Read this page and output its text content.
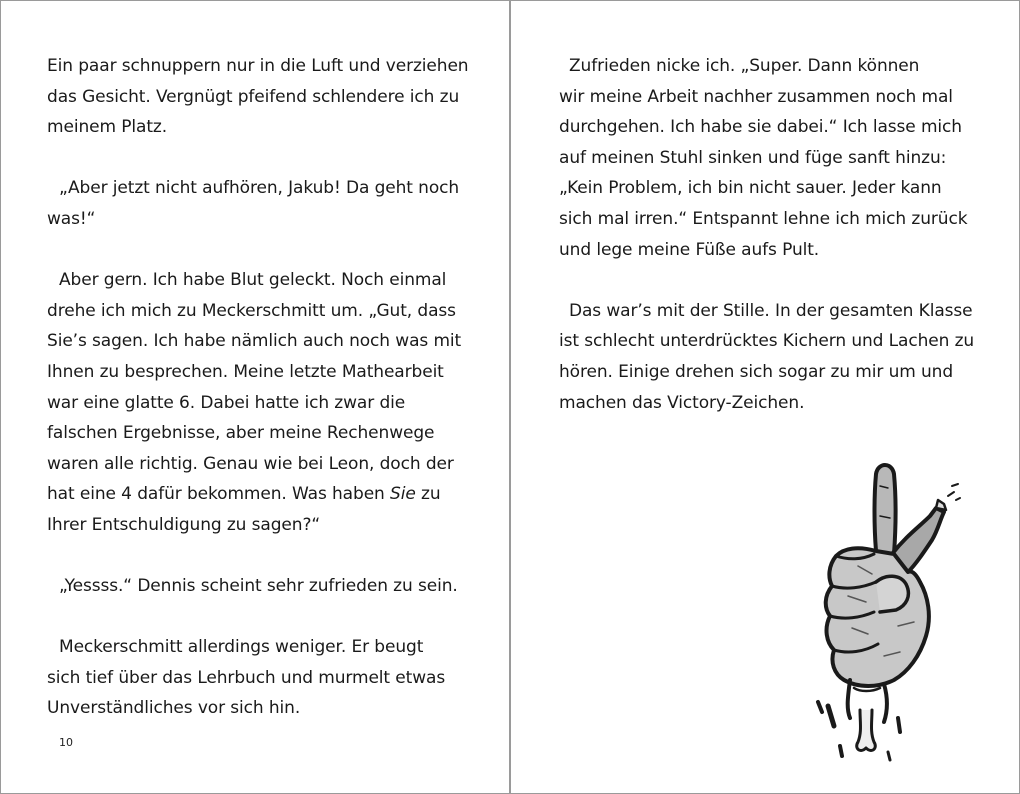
Ein paar schnuppern nur in die Luft und verziehen
das Gesicht. Vergnügt pfeifend schlendere ich zu
meinem Platz.

„Aber jetzt nicht aufhören, Jakub! Da geht noch
was!“

Aber gern. Ich habe Blut geleckt. Noch einmal
drehe ich mich zu Meckerschmitt um. „Gut, dass
Sie’s sagen. Ich habe nämlich auch noch was mit
Ihnen zu besprechen. Meine letzte Mathearbeit
war eine glatte 6. Dabei hatte ich zwar die
falschen Ergebnisse, aber meine Rechenwege
waren alle richtig. Genau wie bei Leon, doch der
hat eine 4 dafür bekommen. Was haben Sie zu
Ihrer Entschuldigung zu sagen?“

„Yessss.“ Dennis scheint sehr zufrieden zu sein.

Meckerschmitt allerdings weniger. Er beugt
sich tief über das Lehrbuch und murmelt etwas
Unverständliches vor sich hin.

10

Zufrieden nicke ich. „Super. Dann können
wir meine Arbeit nachher zusammen noch mal
durchgehen. Ich habe sie dabei.“ Ich lasse mich
auf meinen Stuhl sinken und füge sanft hinzu:
„Kein Problem, ich bin nicht sauer. Jeder kann
sich mal irren.“ Entspannt lehne ich mich zurück
und lege meine Füße aufs Pult.

Das war’s mit der Stille. In der gesamten Klasse
ist schlecht unterdrücktes Kichern und Lachen zu
hören. Einige drehen sich sogar zu mir um und
machen das Victory-Zeichen.
